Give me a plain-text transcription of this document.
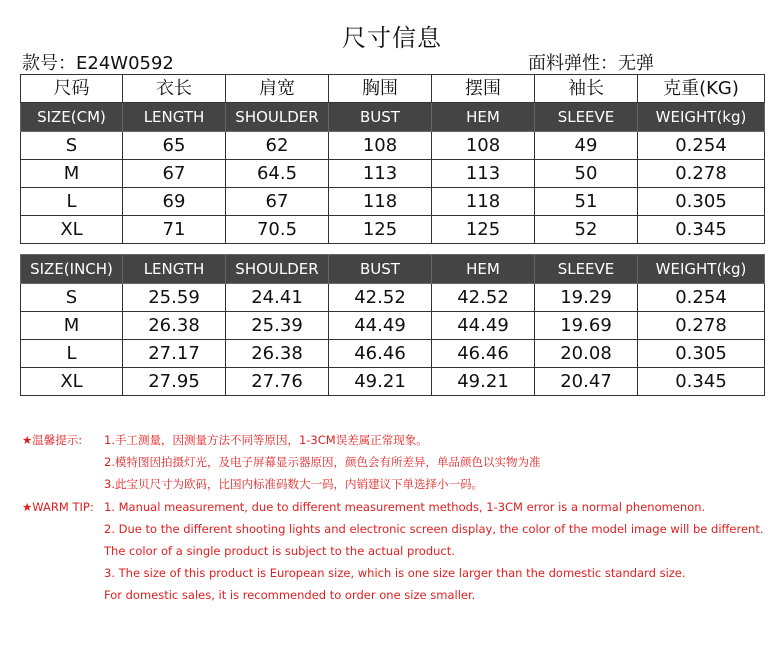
尺寸信息
款号：E24W0592	面料弹性：无弹
尺码	衣长	肩宽	胸围	摆围	袖长	克重(KG)
SIZE(CM)	LENGTH	SHOULDER	BUST	HEM	SLEEVE	WEIGHT(kg)
S	65	62	108	108	49	0.254
M	67	64.5	113	113	50	0.278
L	69	67	118	118	51	0.305
XL	71	70.5	125	125	52	0.345
SIZE(INCH)	LENGTH	SHOULDER	BUST	HEM	SLEEVE	WEIGHT(kg)
S	25.59	24.41	42.52	42.52	19.29	0.254
M	26.38	25.39	44.49	44.49	19.69	0.278
L	27.17	26.38	46.46	46.46	20.08	0.305
XL	27.95	27.76	49.21	49.21	20.47	0.345
★温馨提示: 1.手工测量，因测量方法不同等原因，1-3CM误差属正常现象。
2.模特图因拍摄灯光，及电子屏幕显示器原因，颜色会有所差异，单品颜色以实物为准
3.此宝贝尺寸为欧码，比国内标准码数大一码，内销建议下单选择小一码。
★WARM TIP: 1. Manual measurement, due to different measurement methods, 1-3CM error is a normal phenomenon.
2. Due to the different shooting lights and electronic screen display, the color of the model image will be different.
The color of a single product is subject to the actual product.
3. The size of this product is European size, which is one size larger than the domestic standard size.
For domestic sales, it is recommended to order one size smaller.
